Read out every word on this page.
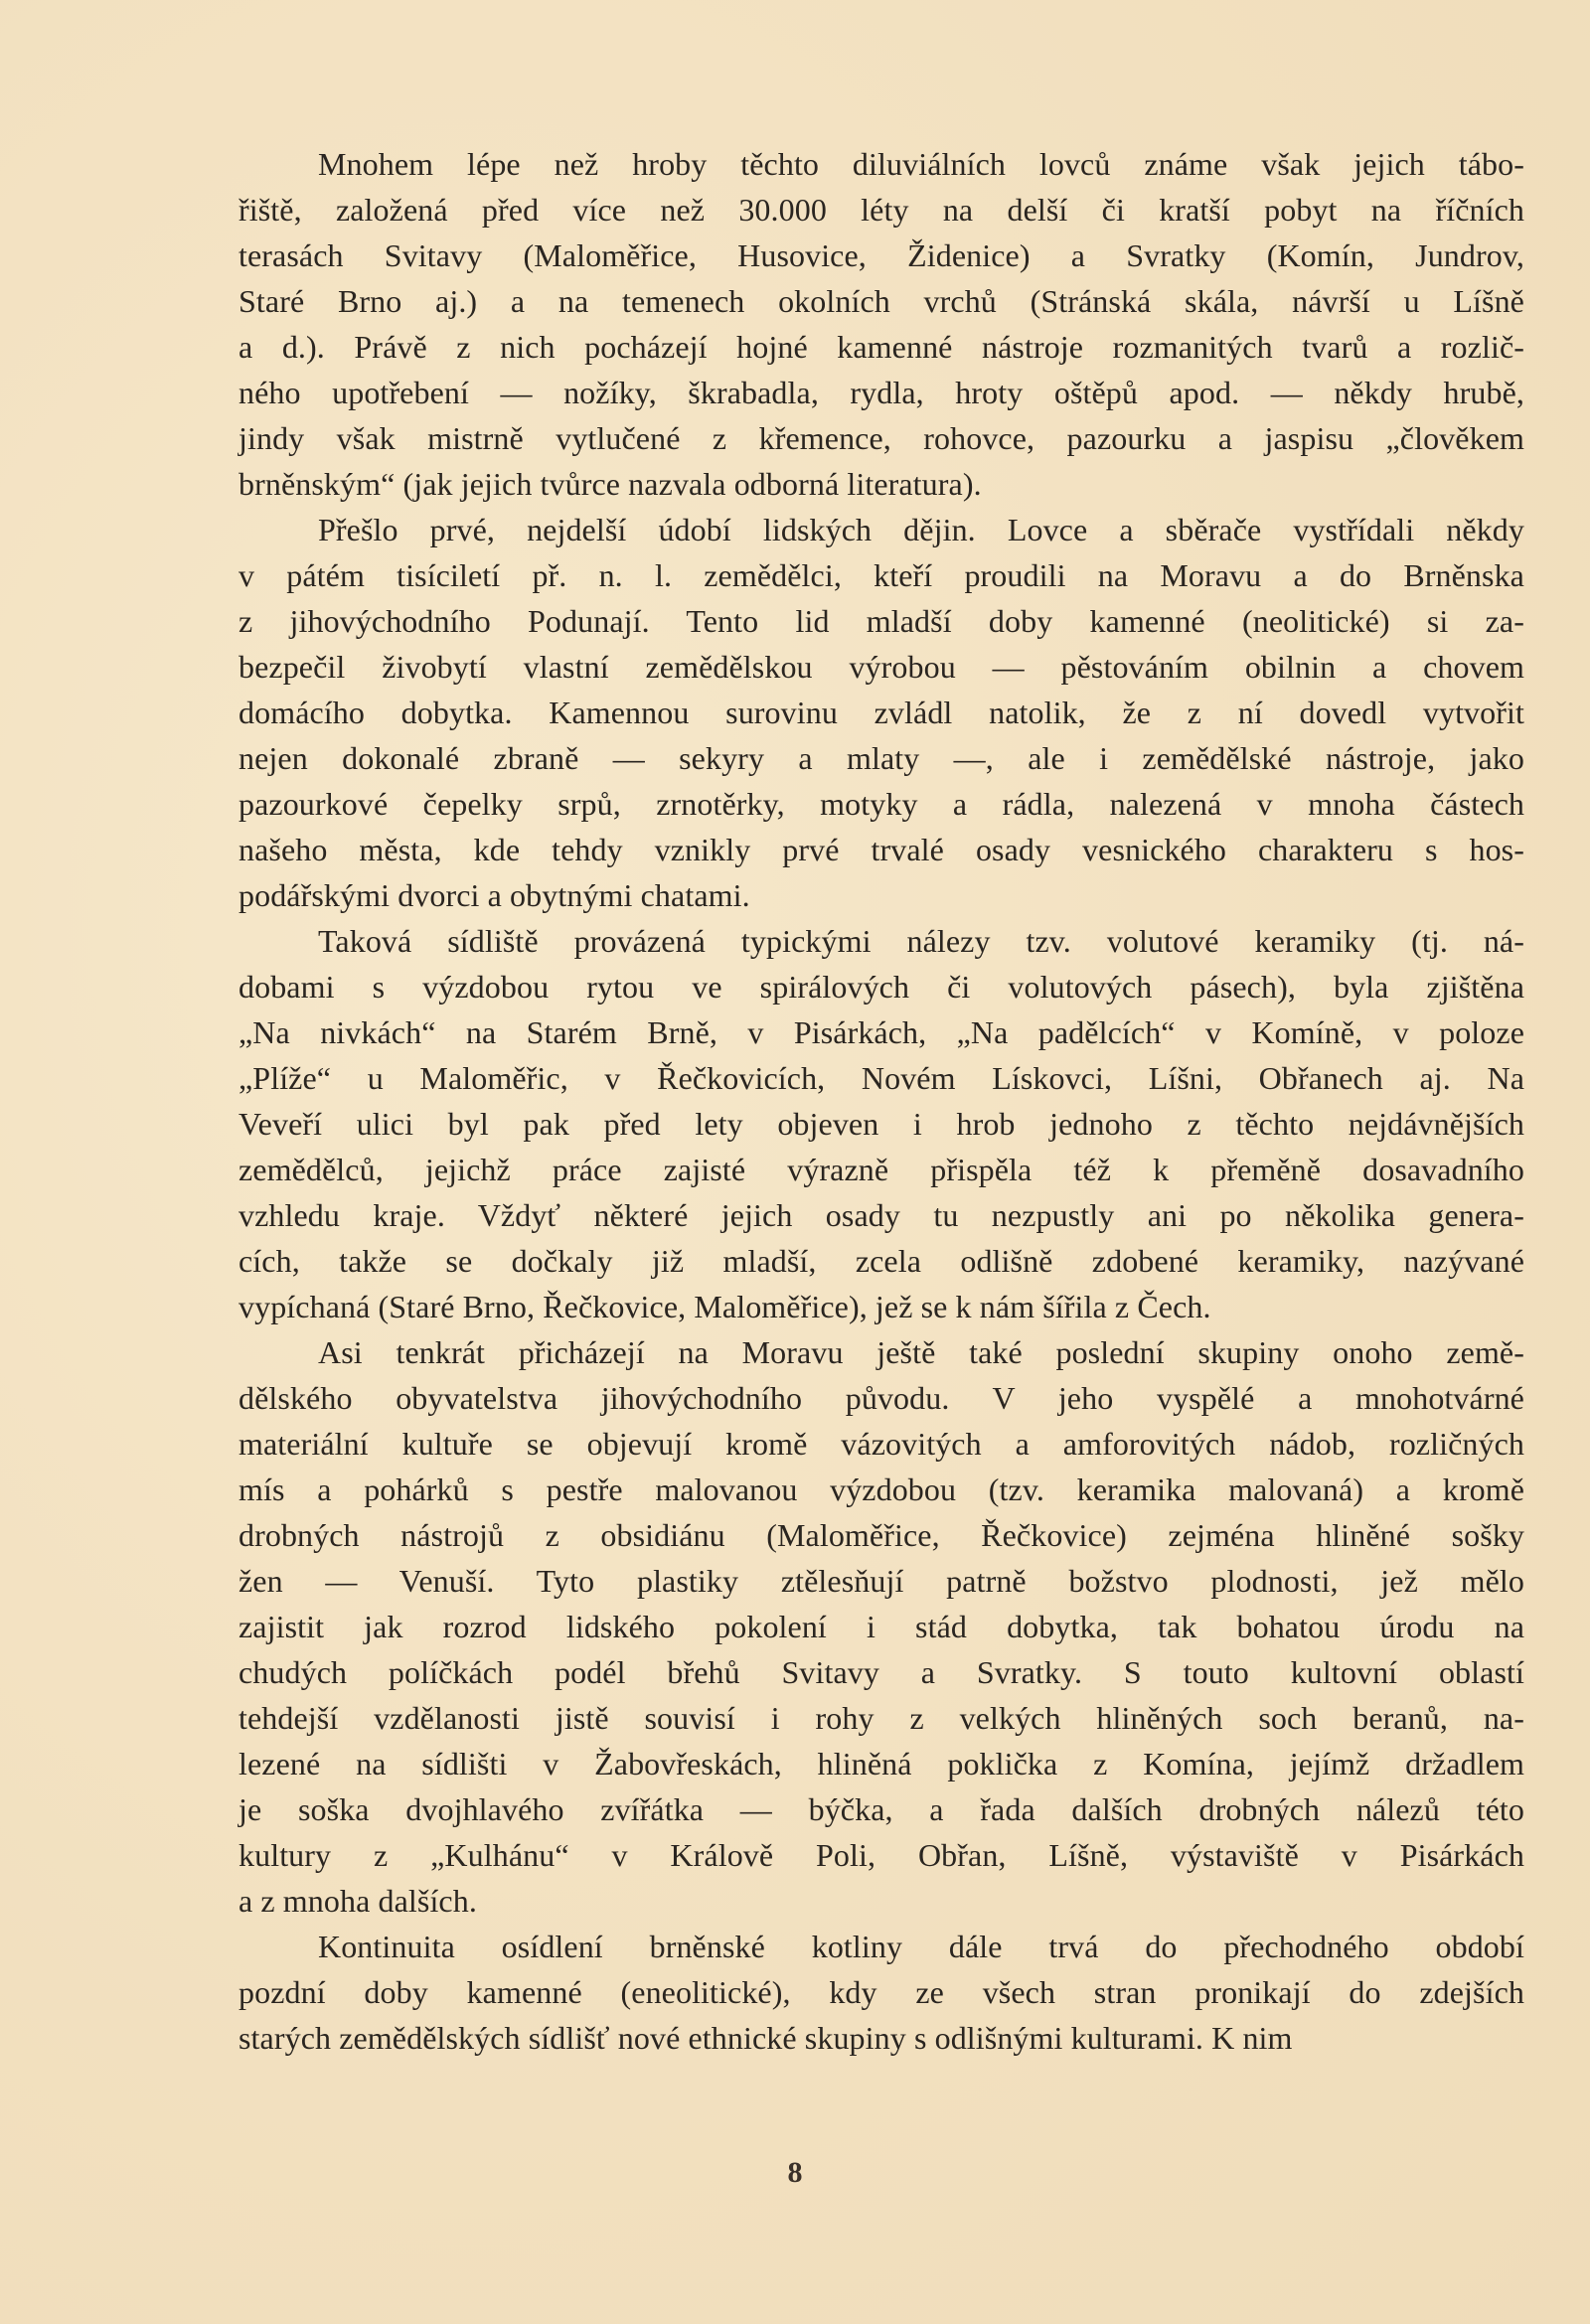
Mnohem lépe než hroby těchto diluviálních lovců známe však jejich tábo-
řiště, založená před více než 30.000 léty na delší či kratší pobyt na říčních
terasách Svitavy (Maloměřice, Husovice, Židenice) a Svratky (Komín, Jundrov,
Staré Brno aj.) a na temenech okolních vrchů (Stránská skála, návrší u Líšně
a d.). Právě z nich pocházejí hojné kamenné nástroje rozmanitých tvarů a rozlič-
ného upotřebení — nožíky, škrabadla, rydla, hroty oštěpů apod. — někdy hrubě,
jindy však mistrně vytlučené z křemence, rohovce, pazourku a jaspisu „člověkem
brněnským“ (jak jejich tvůrce nazvala odborná literatura).
Přešlo prvé, nejdelší údobí lidských dějin. Lovce a sběrače vystřídali někdy
v pátém tisíciletí př. n. l. zemědělci, kteří proudili na Moravu a do Brněnska
z jihovýchodního Podunají. Tento lid mladší doby kamenné (neolitické) si za-
bezpečil živobytí vlastní zemědělskou výrobou — pěstováním obilnin a chovem
domácího dobytka. Kamennou surovinu zvládl natolik, že z ní dovedl vytvořit
nejen dokonalé zbraně — sekyry a mlaty —, ale i zemědělské nástroje, jako
pazourkové čepelky srpů, zrnotěrky, motyky a rádla, nalezená v mnoha částech
našeho města, kde tehdy vznikly prvé trvalé osady vesnického charakteru s hos-
podářskými dvorci a obytnými chatami.
Taková sídliště provázená typickými nálezy tzv. volutové keramiky (tj. ná-
dobami s výzdobou rytou ve spirálových či volutových pásech), byla zjištěna
„Na nivkách“ na Starém Brně, v Pisárkách, „Na padělcích“ v Komíně, v poloze
„Plíže“ u Maloměřic, v Řečkovicích, Novém Lískovci, Líšni, Obřanech aj. Na
Veveří ulici byl pak před lety objeven i hrob jednoho z těchto nejdávnějších
zemědělců, jejichž práce zajisté výrazně přispěla též k přeměně dosavadního
vzhledu kraje. Vždyť některé jejich osady tu nezpustly ani po několika genera-
cích, takže se dočkaly již mladší, zcela odlišně zdobené keramiky, nazývané
vypíchaná (Staré Brno, Řečkovice, Maloměřice), jež se k nám šířila z Čech.
Asi tenkrát přicházejí na Moravu ještě také poslední skupiny onoho země-
dělského obyvatelstva jihovýchodního původu. V jeho vyspělé a mnohotvárné
materiální kultuře se objevují kromě vázovitých a amforovitých nádob, rozličných
mís a pohárků s pestře malovanou výzdobou (tzv. keramika malovaná) a kromě
drobných nástrojů z obsidiánu (Maloměřice, Řečkovice) zejména hliněné sošky
žen — Venuší. Tyto plastiky ztělesňují patrně božstvo plodnosti, jež mělo
zajistit jak rozrod lidského pokolení i stád dobytka, tak bohatou úrodu na
chudých políčkách podél břehů Svitavy a Svratky. S touto kultovní oblastí
tehdejší vzdělanosti jistě souvisí i rohy z velkých hliněných soch beranů, na-
lezené na sídlišti v Žabovřeskách, hliněná poklička z Komína, jejímž držadlem
je soška dvojhlavého zvířátka — býčka, a řada dalších drobných nálezů této
kultury z „Kulhánu“ v Králově Poli, Obřan, Líšně, výstaviště v Pisárkách
a z mnoha dalších.
Kontinuita osídlení brněnské kotliny dále trvá do přechodného období
pozdní doby kamenné (eneolitické), kdy ze všech stran pronikají do zdejších
starých zemědělských sídlišť nové ethnické skupiny s odlišnými kulturami. K nim
8
